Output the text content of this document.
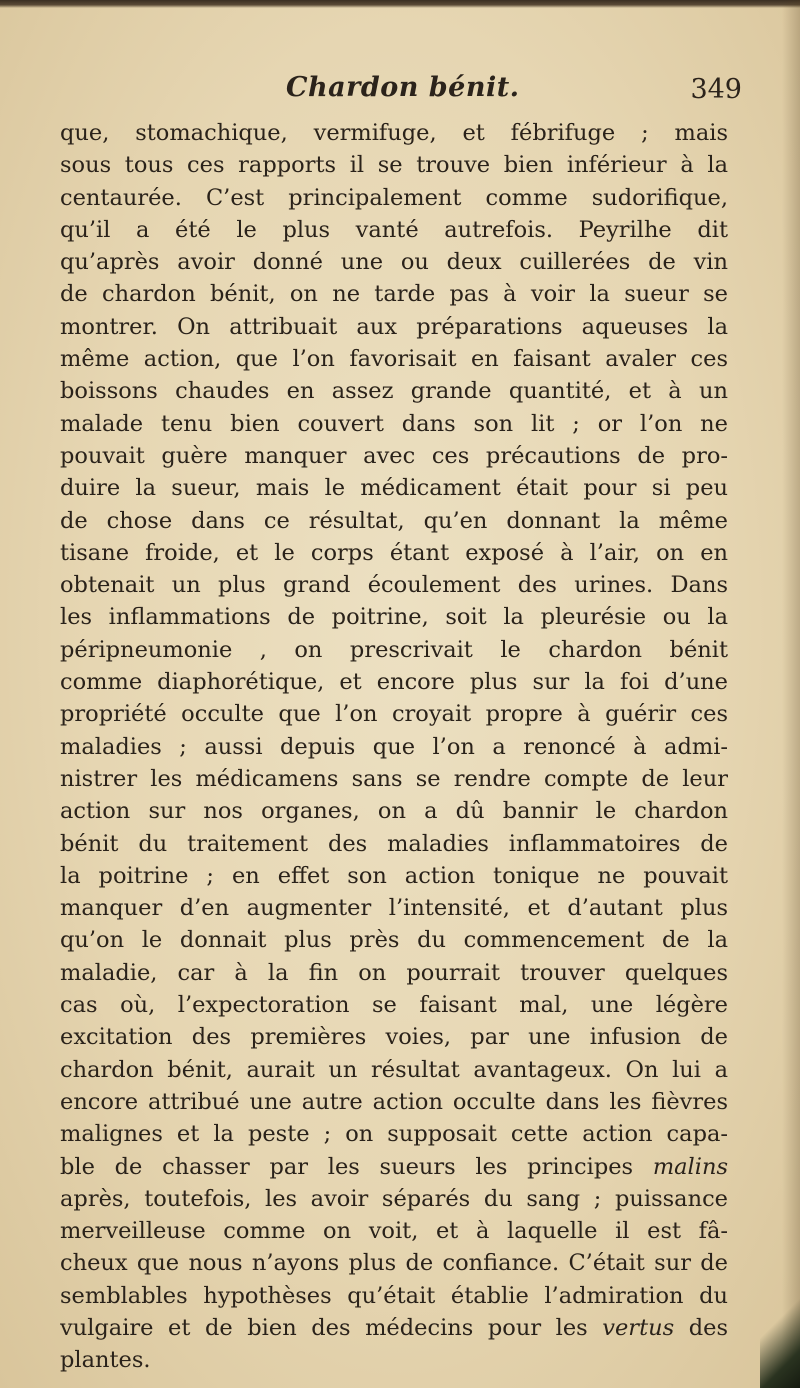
Chardon bénit.	349
que, stomachique, vermifuge, et fébrifuge ; mais
sous tous ces rapports il se trouve bien inférieur à la
centaurée. C’est principalement comme sudorifique,
qu’il a été le plus vanté autrefois. Peyrilhe dit
qu’après avoir donné une ou deux cuillerées de vin
de chardon bénit, on ne tarde pas à voir la sueur se
montrer. On attribuait aux préparations aqueuses la
même action, que l’on favorisait en faisant avaler ces
boissons chaudes en assez grande quantité, et à un
malade tenu bien couvert dans son lit ; or l’on ne
pouvait guère manquer avec ces précautions de pro-
duire la sueur, mais le médicament était pour si peu
de chose dans ce résultat, qu’en donnant la même
tisane froide, et le corps étant exposé à l’air, on en
obtenait un plus grand écoulement des urines. Dans
les inflammations de poitrine, soit la pleurésie ou la
péripneumonie , on prescrivait le chardon bénit
comme diaphorétique, et encore plus sur la foi d’une
propriété occulte que l’on croyait propre à guérir ces
maladies ; aussi depuis que l’on a renoncé à admi-
nistrer les médicamens sans se rendre compte de leur
action sur nos organes, on a dû bannir le chardon
bénit du traitement des maladies inflammatoires de
la poitrine ; en effet son action tonique ne pouvait
manquer d’en augmenter l’intensité, et d’autant plus
qu’on le donnait plus près du commencement de la
maladie, car à la fin on pourrait trouver quelques
cas où, l’expectoration se faisant mal, une légère
excitation des premières voies, par une infusion de
chardon bénit, aurait un résultat avantageux. On lui a
encore attribué une autre action occulte dans les fièvres
malignes et la peste ; on supposait cette action capa-
ble de chasser par les sueurs les principes malins
après, toutefois, les avoir séparés du sang ; puissance
merveilleuse comme on voit, et à laquelle il est fâ-
cheux que nous n’ayons plus de confiance. C’était sur de
semblables hypothèses qu’était établie l’admiration du
vulgaire et de bien des médecins pour les vertus des
plantes.
